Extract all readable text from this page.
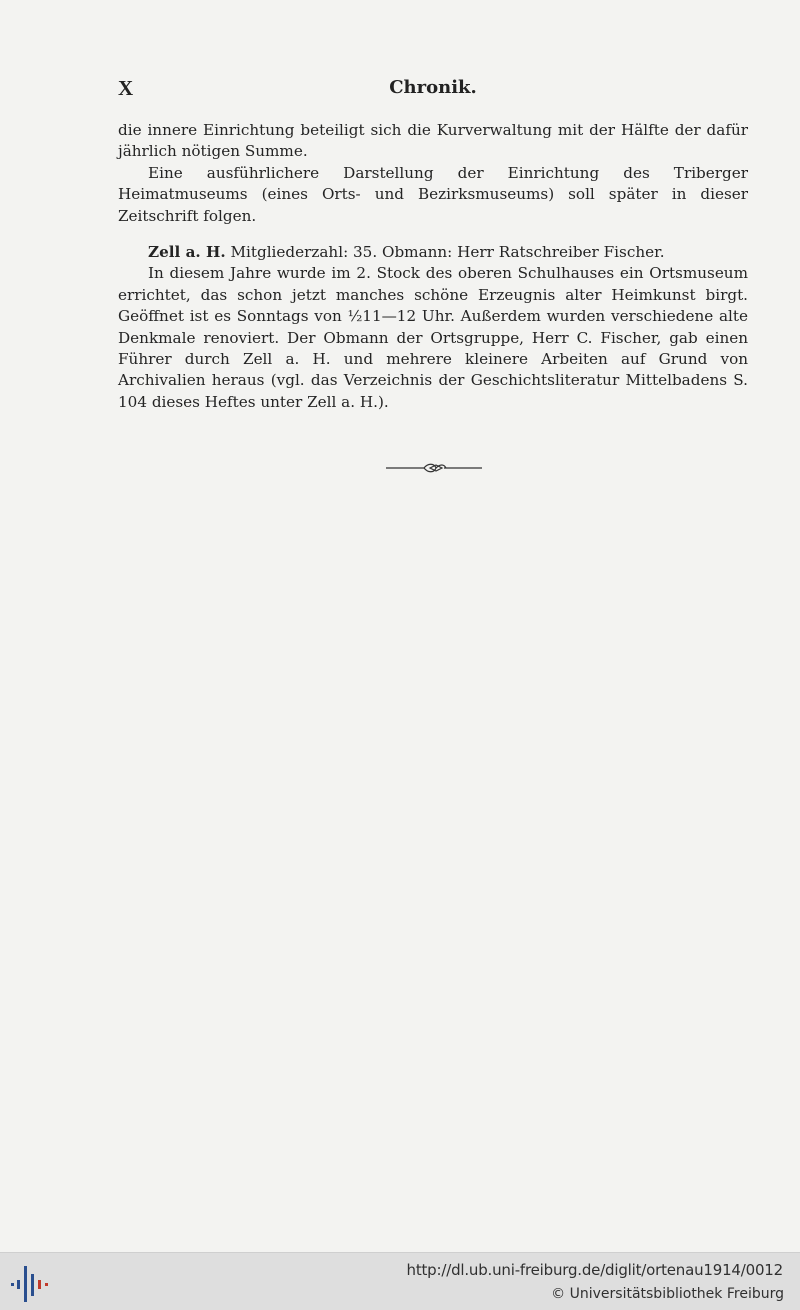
X	Chronik.

die innere Einrichtung beteiligt sich die Kurverwaltung mit der Hälfte der dafür jährlich nötigen Summe.

Eine ausführlichere Darstellung der Einrichtung des Triberger Heimatmuseums (eines Orts- und Bezirksmuseums) soll später in dieser Zeitschrift folgen.

Zell a. H. Mitgliederzahl: 35. Obmann: Herr Ratschreiber Fischer.

In diesem Jahre wurde im 2. Stock des oberen Schulhauses ein Ortsmuseum errichtet, das schon jetzt manches schöne Erzeugnis alter Heimkunst birgt. Geöffnet ist es Sonntags von ½11—12 Uhr. Außerdem wurden verschiedene alte Denkmale renoviert. Der Obmann der Ortsgruppe, Herr C. Fischer, gab einen Führer durch Zell a. H. und mehrere kleinere Arbeiten auf Grund von Archivalien heraus (vgl. das Verzeichnis der Geschichtsliteratur Mittelbadens S. 104 dieses Heftes unter Zell a. H.).

http://dl.ub.uni-freiburg.de/diglit/ortenau1914/0012
© Universitätsbibliothek Freiburg
